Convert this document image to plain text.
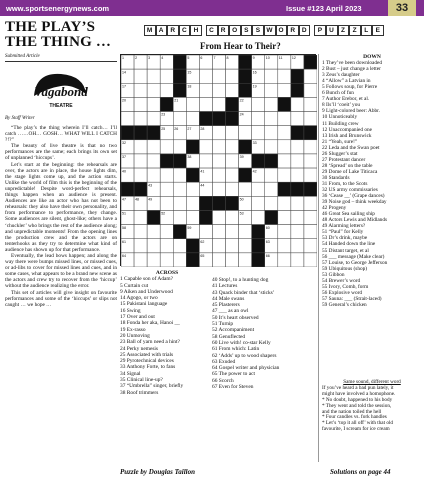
www.sportsenergynews.com	Issue #123 April 2023	33
THE PLAY’S
THE THING …
Submitted Article
Vagabond
THEATRE
By Staff Writer

“The play’s the thing wherein I’ll catch… I’ll catch ……OH… GOSH… WHAT WILL I CATCH ?!?”

The beauty of live theatre is that no two performances are the same; each brings its own set of unplanned ‘hiccups’.

Let’s start at the beginning: the rehearsals are over, the actors are in place, the house lights dim, the stage lights come up, and the action starts. Unlike the world of film this is the beginning of the unpredictable! Despite word-perfect rehearsals, things happen when an audience is present. Audiences are like an actor who has not been to rehearsals: they also have their own personality, and from performance to performance, they change. Some audiences are silent, ghost-like; others have a ‘chuckler’ who brings the rest of the audience along; and unpredictable moments! From the opening lines the production crew and the actors are on tenterhooks as they try to determine what kind of audience has shown up for that performance.

Eventually, the lead bows happen; and along the way there were bumps missed lines, or missed cues, or ad-libs to cover for missed lines and cues, and in some cases, what appears to be a brand new scene as the actors and crew try to recover from the ‘hiccup’ without the audience realizing the error.

This set of articles will give insight on favourite performances and some of the ‘hiccups’ or slips not caught … we hope …

M A R C H	C R O S	S W O R D	P	U	Z	Z	L	E
From Hear to Their?
1	2	3	4	5	6	7	8	9	10	11	12
14	15	16
17	18	19
20	21	22
23	24
25	26	27	28
32	33
37	38	39
40	41	42
43	44
47	48	49	50
51	52	53
58	59	60
61	62	63
64	65	66
ACROSS
1 Capable son of Adam?
5 Curtain cut
9 Aiken and Underwood
14 Agogo, or two
15 Pakistani language
16 Swing
17 Over and out
18 Fonda her aka, Hanoi __
19 Ex-rasso
20 Unmoving
23 Ball of yarn need a hint?
24 Perky nemesis
25 Associated with trials
29 Pyrotechnical devices
33 Anthony Forte, to fans
34 Signal
35 Clinical line-up?
37 “Umbrella” singer, briefly
38 Roof trimmers
40 Stop!, to a hunting dog
41 Lectures
43 Quack binder that ‘sticks’
44 Male swans
45 Plasterers
47 ___ as an owl
50 It’s heart observed
51 Turnip
52 Accompaniment
58 Genuflected
60 Live with! co-star Kelly
61 From which: Latin
62 ‘Adds’ up to wood shapers
63 Exuded
64 Gospel writer and physician
65 The power to act
66 Scorch
67 Even for Steven
DOWN
1 They’ve been downloaded
2 Bust – just change a letter
3 Zeus’s daughter
4 “Allow” a Latvian in
5 Follows soup, for Pierre
6 Bunch of fun
7 Author Erebor, et al.
8 Ils’ll ‘coeit’ you
9 Light-colored beer: Abbr.
10 Unnoticeably
11 Building crew
12 Unaccompanied one
13 Irish and Brunswick
21 “Yeah, sure!”
22 Leda and the Swan poet
26 Slugger’s stat
27 Protestant dancer
28 ‘Spread’ on the table
29 Dome of Lake Titicaca
30 Standards
31 From, to the Scots
32 US army commissaries
36 ‘Cease __’ (Grape dances)
39 Noise god – think weekday
42 Progeny
46 Great Sea sailing ship
48 Actors Lewis and Midlands
49 Alarming letters?
51 “Paul” for Kelly
53 Dr’s drink, maybe
54 Handed down the line
55 Distant target, et al
56 ___ message (Make clear)
57 Louise, to George Jefferson
59 Ubiquitous (shop)
53 Gibbon
54 Brewer’s word
55 Ivory, Comb, form
56 Explosive word
57 Sauna: ___ (Strait-laced)
59 General’s chicken
Same sound, different word
If you’ve heard a bad pun lately, it
might have involved a homophone.
* No doubt, happened to his body
* They went and told the session,
and the nation toiled the hell
* Four candles vs. fork handles
* Let’s ‘top it all off’ with that old
favourite, I scream for ice cream
Puzzle by Douglas Taillon	Solutions on page 44
